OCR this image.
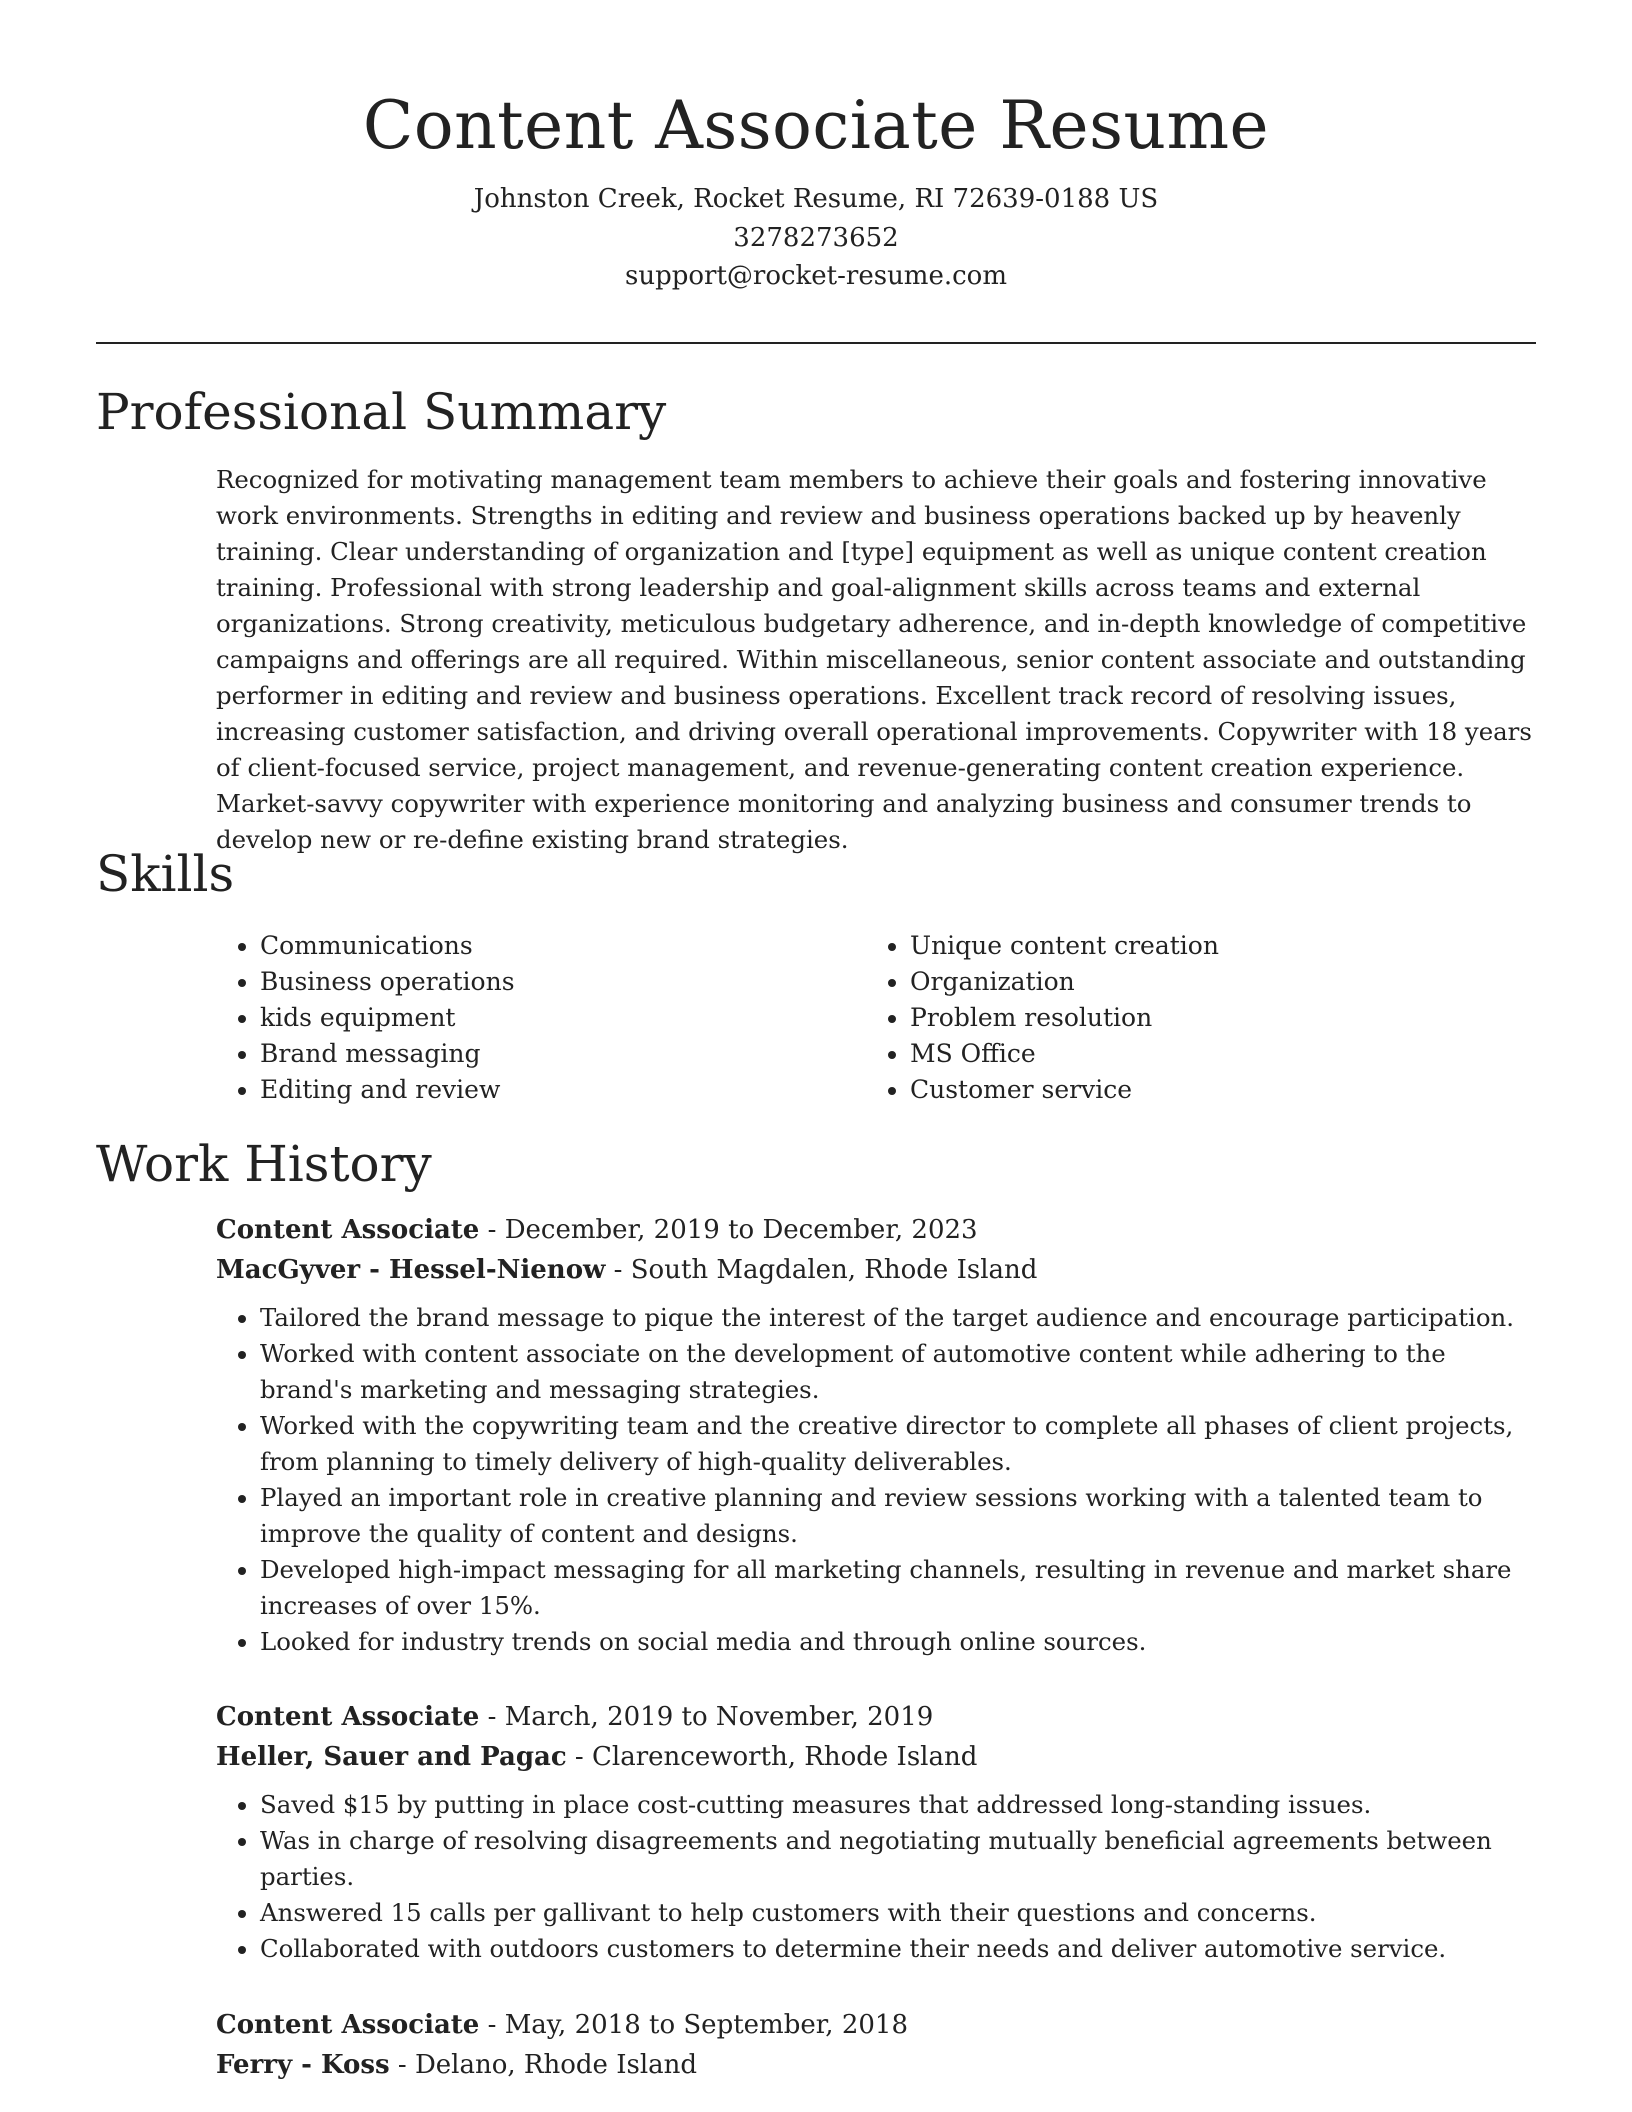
Content Associate Resume

Johnston Creek, Rocket Resume, RI 72639-0188 US

3278273652

support@rocket-resume.com

Professional Summary

Recognized for motivating management team members to achieve their goals and fostering innovative work environments. Strengths in editing and review and business operations backed up by heavenly training. Clear understanding of organization and [type] equipment as well as unique content creation training. Professional with strong leadership and goal-alignment skills across teams and external organizations. Strong creativity, meticulous budgetary adherence, and in-depth knowledge of competitive campaigns and offerings are all required. Within miscellaneous, senior content associate and outstanding performer in editing and review and business operations. Excellent track record of resolving issues, increasing customer satisfaction, and driving overall operational improvements. Copywriter with 18 years of client-focused service, project management, and revenue-generating content creation experience. Market-savvy copywriter with experience monitoring and analyzing business and consumer trends to develop new or re-define existing brand strategies.

Skills
• Communications
• Business operations
• kids equipment
• Brand messaging
• Editing and review
• Unique content creation
• Organization
• Problem resolution
• MS Office
• Customer service
Work History

Content Associate - December, 2019 to December, 2023

MacGyver - Hessel-Nienow - South Magdalen, Rhode Island

• Tailored the brand message to pique the interest of the target audience and encourage participation.
• Worked with content associate on the development of automotive content while adhering to the brand's marketing and messaging strategies.
• Worked with the copywriting team and the creative director to complete all phases of client projects, from planning to timely delivery of high-quality deliverables.
• Played an important role in creative planning and review sessions working with a talented team to improve the quality of content and designs.
• Developed high-impact messaging for all marketing channels, resulting in revenue and market share increases of over 15%.
• Looked for industry trends on social media and through online sources.

Content Associate - March, 2019 to November, 2019

Heller, Sauer and Pagac - Clarenceworth, Rhode Island

• Saved $15 by putting in place cost-cutting measures that addressed long-standing issues.
• Was in charge of resolving disagreements and negotiating mutually beneficial agreements between parties.
• Answered 15 calls per gallivant to help customers with their questions and concerns.
• Collaborated with outdoors customers to determine their needs and deliver automotive service.

Content Associate - May, 2018 to September, 2018

Ferry - Koss - Delano, Rhode Island
